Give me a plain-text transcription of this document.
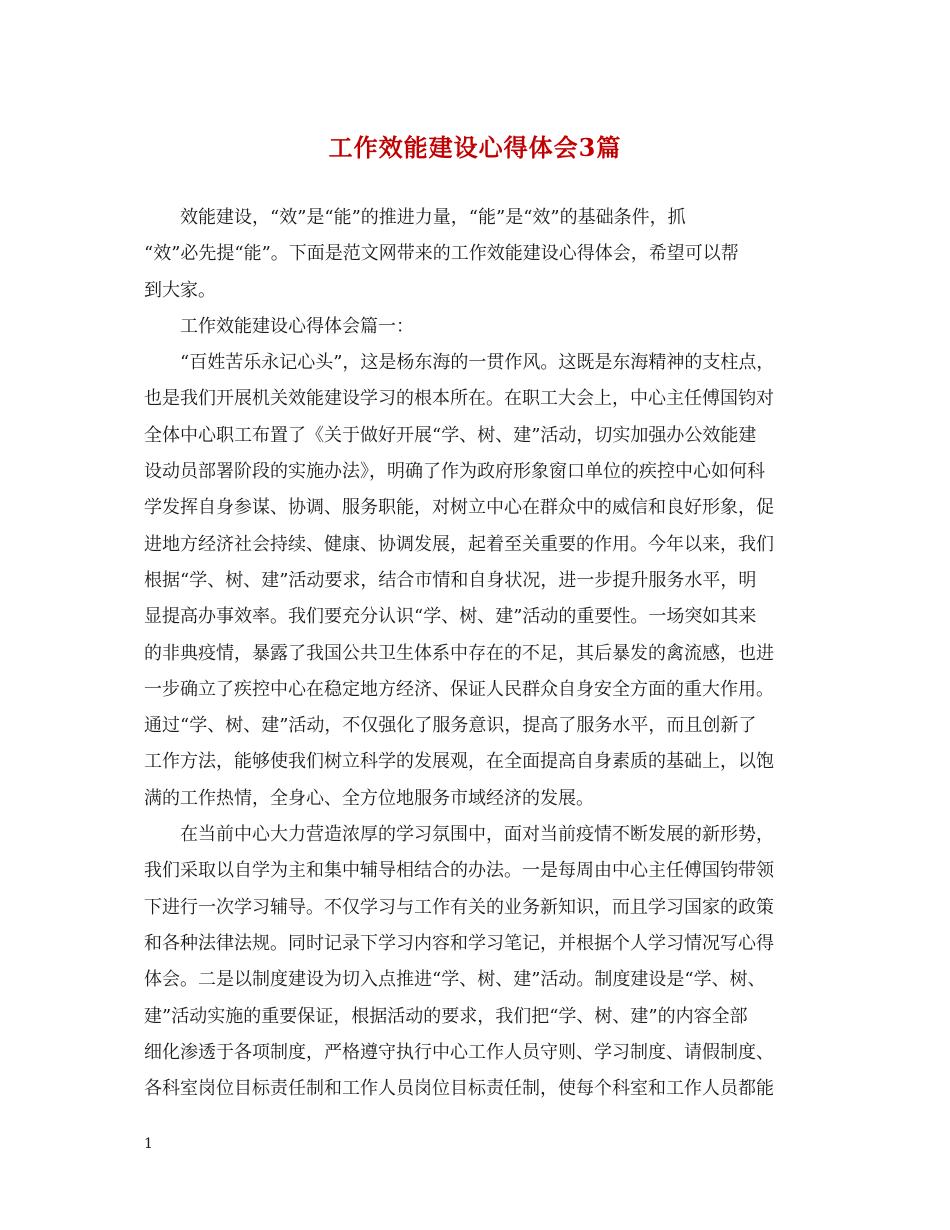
工作效能建设心得体会3篇
效能建设，“效”是“能”的推进力量，“能”是“效”的基础条件，抓
“效”必先提“能”。下面是范文网带来的工作效能建设心得体会，希望可以帮
到大家。
工作效能建设心得体会篇一：
“百姓苦乐永记心头”，这是杨东海的一贯作风。这既是东海精神的支柱点，
也是我们开展机关效能建设学习的根本所在。在职工大会上，中心主任傅国钧对
全体中心职工布置了《关于做好开展“学、树、建”活动，切实加强办公效能建
设动员部署阶段的实施办法》，明确了作为政府形象窗口单位的疾控中心如何科
学发挥自身参谋、协调、服务职能，对树立中心在群众中的威信和良好形象，促
进地方经济社会持续、健康、协调发展，起着至关重要的作用。今年以来，我们
根据“学、树、建”活动要求，结合市情和自身状况，进一步提升服务水平，明
显提高办事效率。我们要充分认识“学、树、建”活动的重要性。一场突如其来
的非典疫情，暴露了我国公共卫生体系中存在的不足，其后暴发的禽流感，也进
一步确立了疾控中心在稳定地方经济、保证人民群众自身安全方面的重大作用。
通过“学、树、建”活动，不仅强化了服务意识，提高了服务水平，而且创新了
工作方法，能够使我们树立科学的发展观，在全面提高自身素质的基础上，以饱
满的工作热情，全身心、全方位地服务市域经济的发展。
在当前中心大力营造浓厚的学习氛围中，面对当前疫情不断发展的新形势，
我们采取以自学为主和集中辅导相结合的办法。一是每周由中心主任傅国钧带领
下进行一次学习辅导。不仅学习与工作有关的业务新知识，而且学习国家的政策
和各种法律法规。同时记录下学习内容和学习笔记，并根据个人学习情况写心得
体会。二是以制度建设为切入点推进“学、树、建”活动。制度建设是“学、树、
建”活动实施的重要保证，根据活动的要求，我们把“学、树、建”的内容全部
细化渗透于各项制度，严格遵守执行中心工作人员守则、学习制度、请假制度、
各科室岗位目标责任制和工作人员岗位目标责任制，使每个科室和工作人员都能
1
